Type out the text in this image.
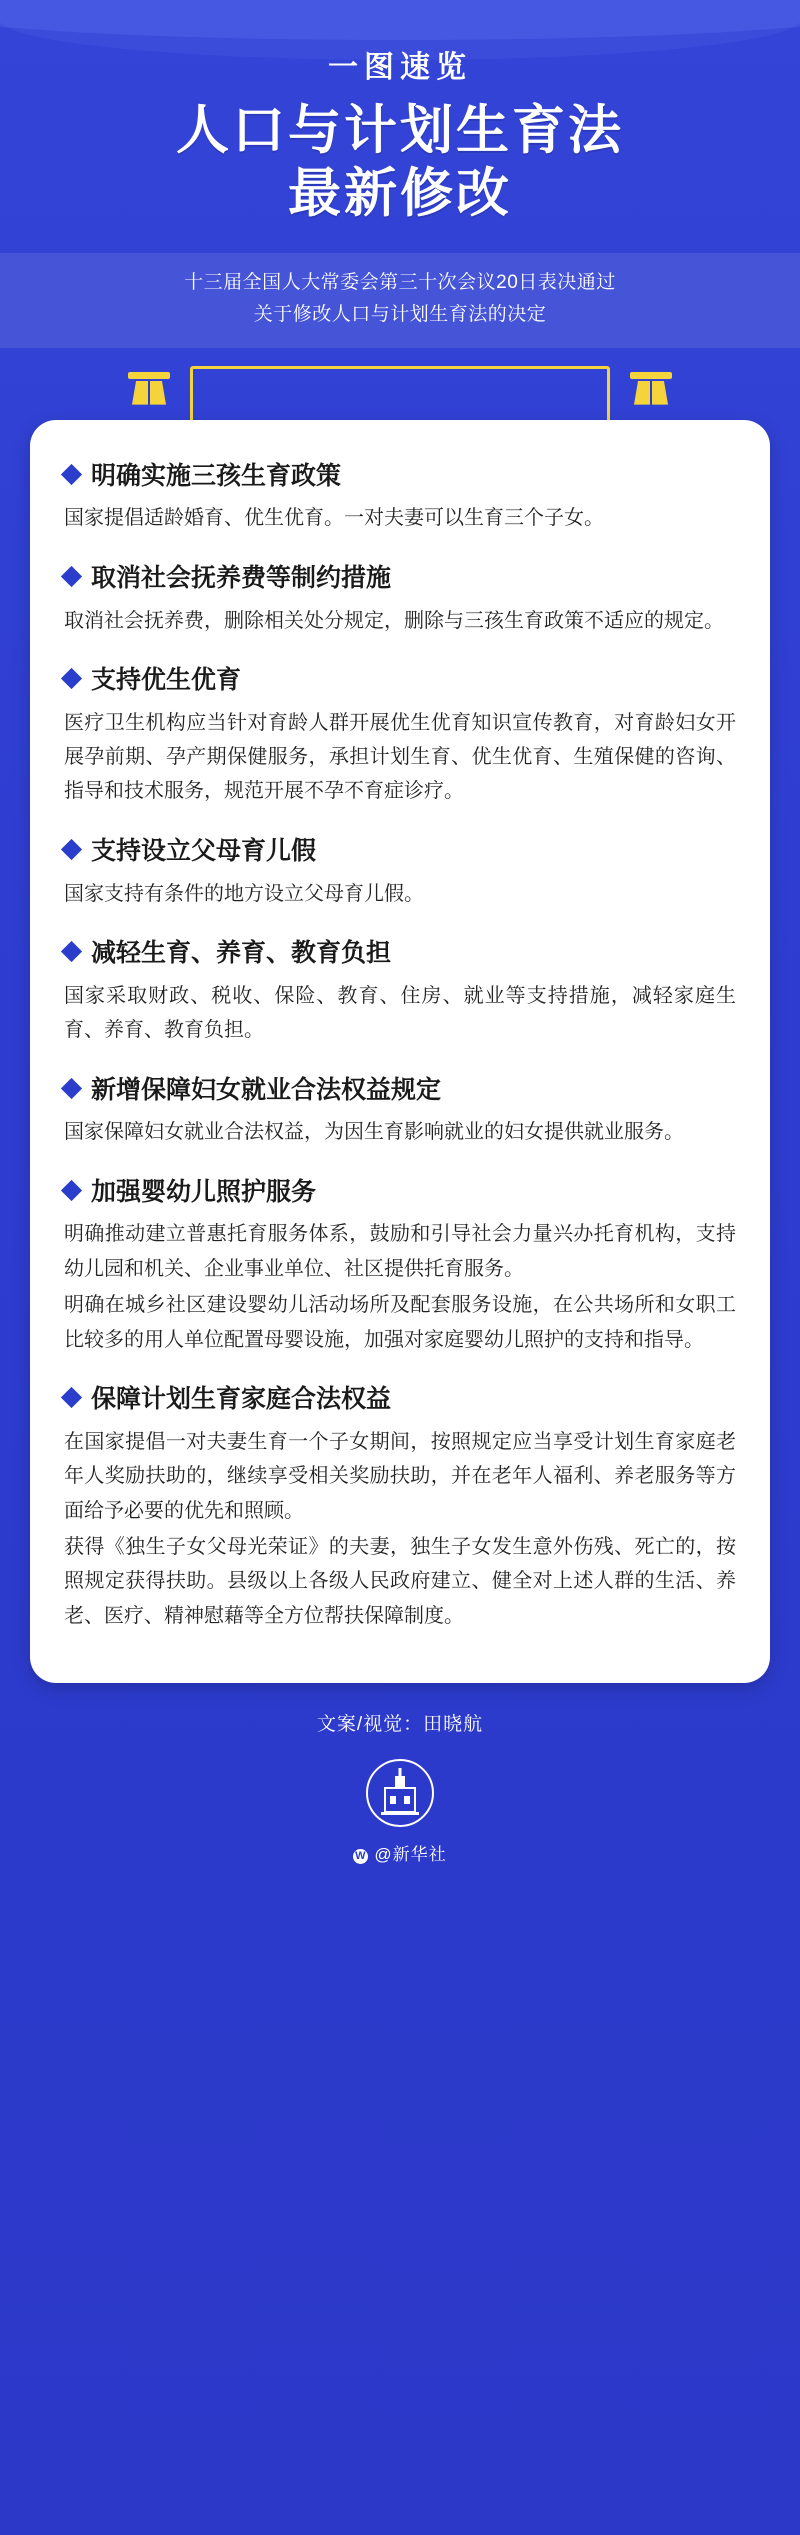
一图速览
人口与计划生育法
最新修改
十三届全国人大常委会第三十次会议20日表决通过
关于修改人口与计划生育法的决定
明确实施三孩生育政策

国家提倡适龄婚育、优生优育。一对夫妻可以生育三个子女。

取消社会抚养费等制约措施

取消社会抚养费，删除相关处分规定，删除与三孩生育政策不适应的规定。

支持优生优育

医疗卫生机构应当针对育龄人群开展优生优育知识宣传教育，对育龄妇女开展孕前期、孕产期保健服务，承担计划生育、优生优育、生殖保健的咨询、指导和技术服务，规范开展不孕不育症诊疗。

支持设立父母育儿假

国家支持有条件的地方设立父母育儿假。

减轻生育、养育、教育负担

国家采取财政、税收、保险、教育、住房、就业等支持措施，减轻家庭生育、养育、教育负担。

新增保障妇女就业合法权益规定

国家保障妇女就业合法权益，为因生育影响就业的妇女提供就业服务。

加强婴幼儿照护服务

明确推动建立普惠托育服务体系，鼓励和引导社会力量兴办托育机构，支持幼儿园和机关、企业事业单位、社区提供托育服务。

明确在城乡社区建设婴幼儿活动场所及配套服务设施，在公共场所和女职工比较多的用人单位配置母婴设施，加强对家庭婴幼儿照护的支持和指导。

保障计划生育家庭合法权益

在国家提倡一对夫妻生育一个子女期间，按照规定应当享受计划生育家庭老年人奖励扶助的，继续享受相关奖励扶助，并在老年人福利、养老服务等方面给予必要的优先和照顾。

获得《独生子女父母光荣证》的夫妻，独生子女发生意外伤残、死亡的，按照规定获得扶助。县级以上各级人民政府建立、健全对上述人群的生活、养老、医疗、精神慰藉等全方位帮扶保障制度。

文案/视觉：田晓航
W @新华社
